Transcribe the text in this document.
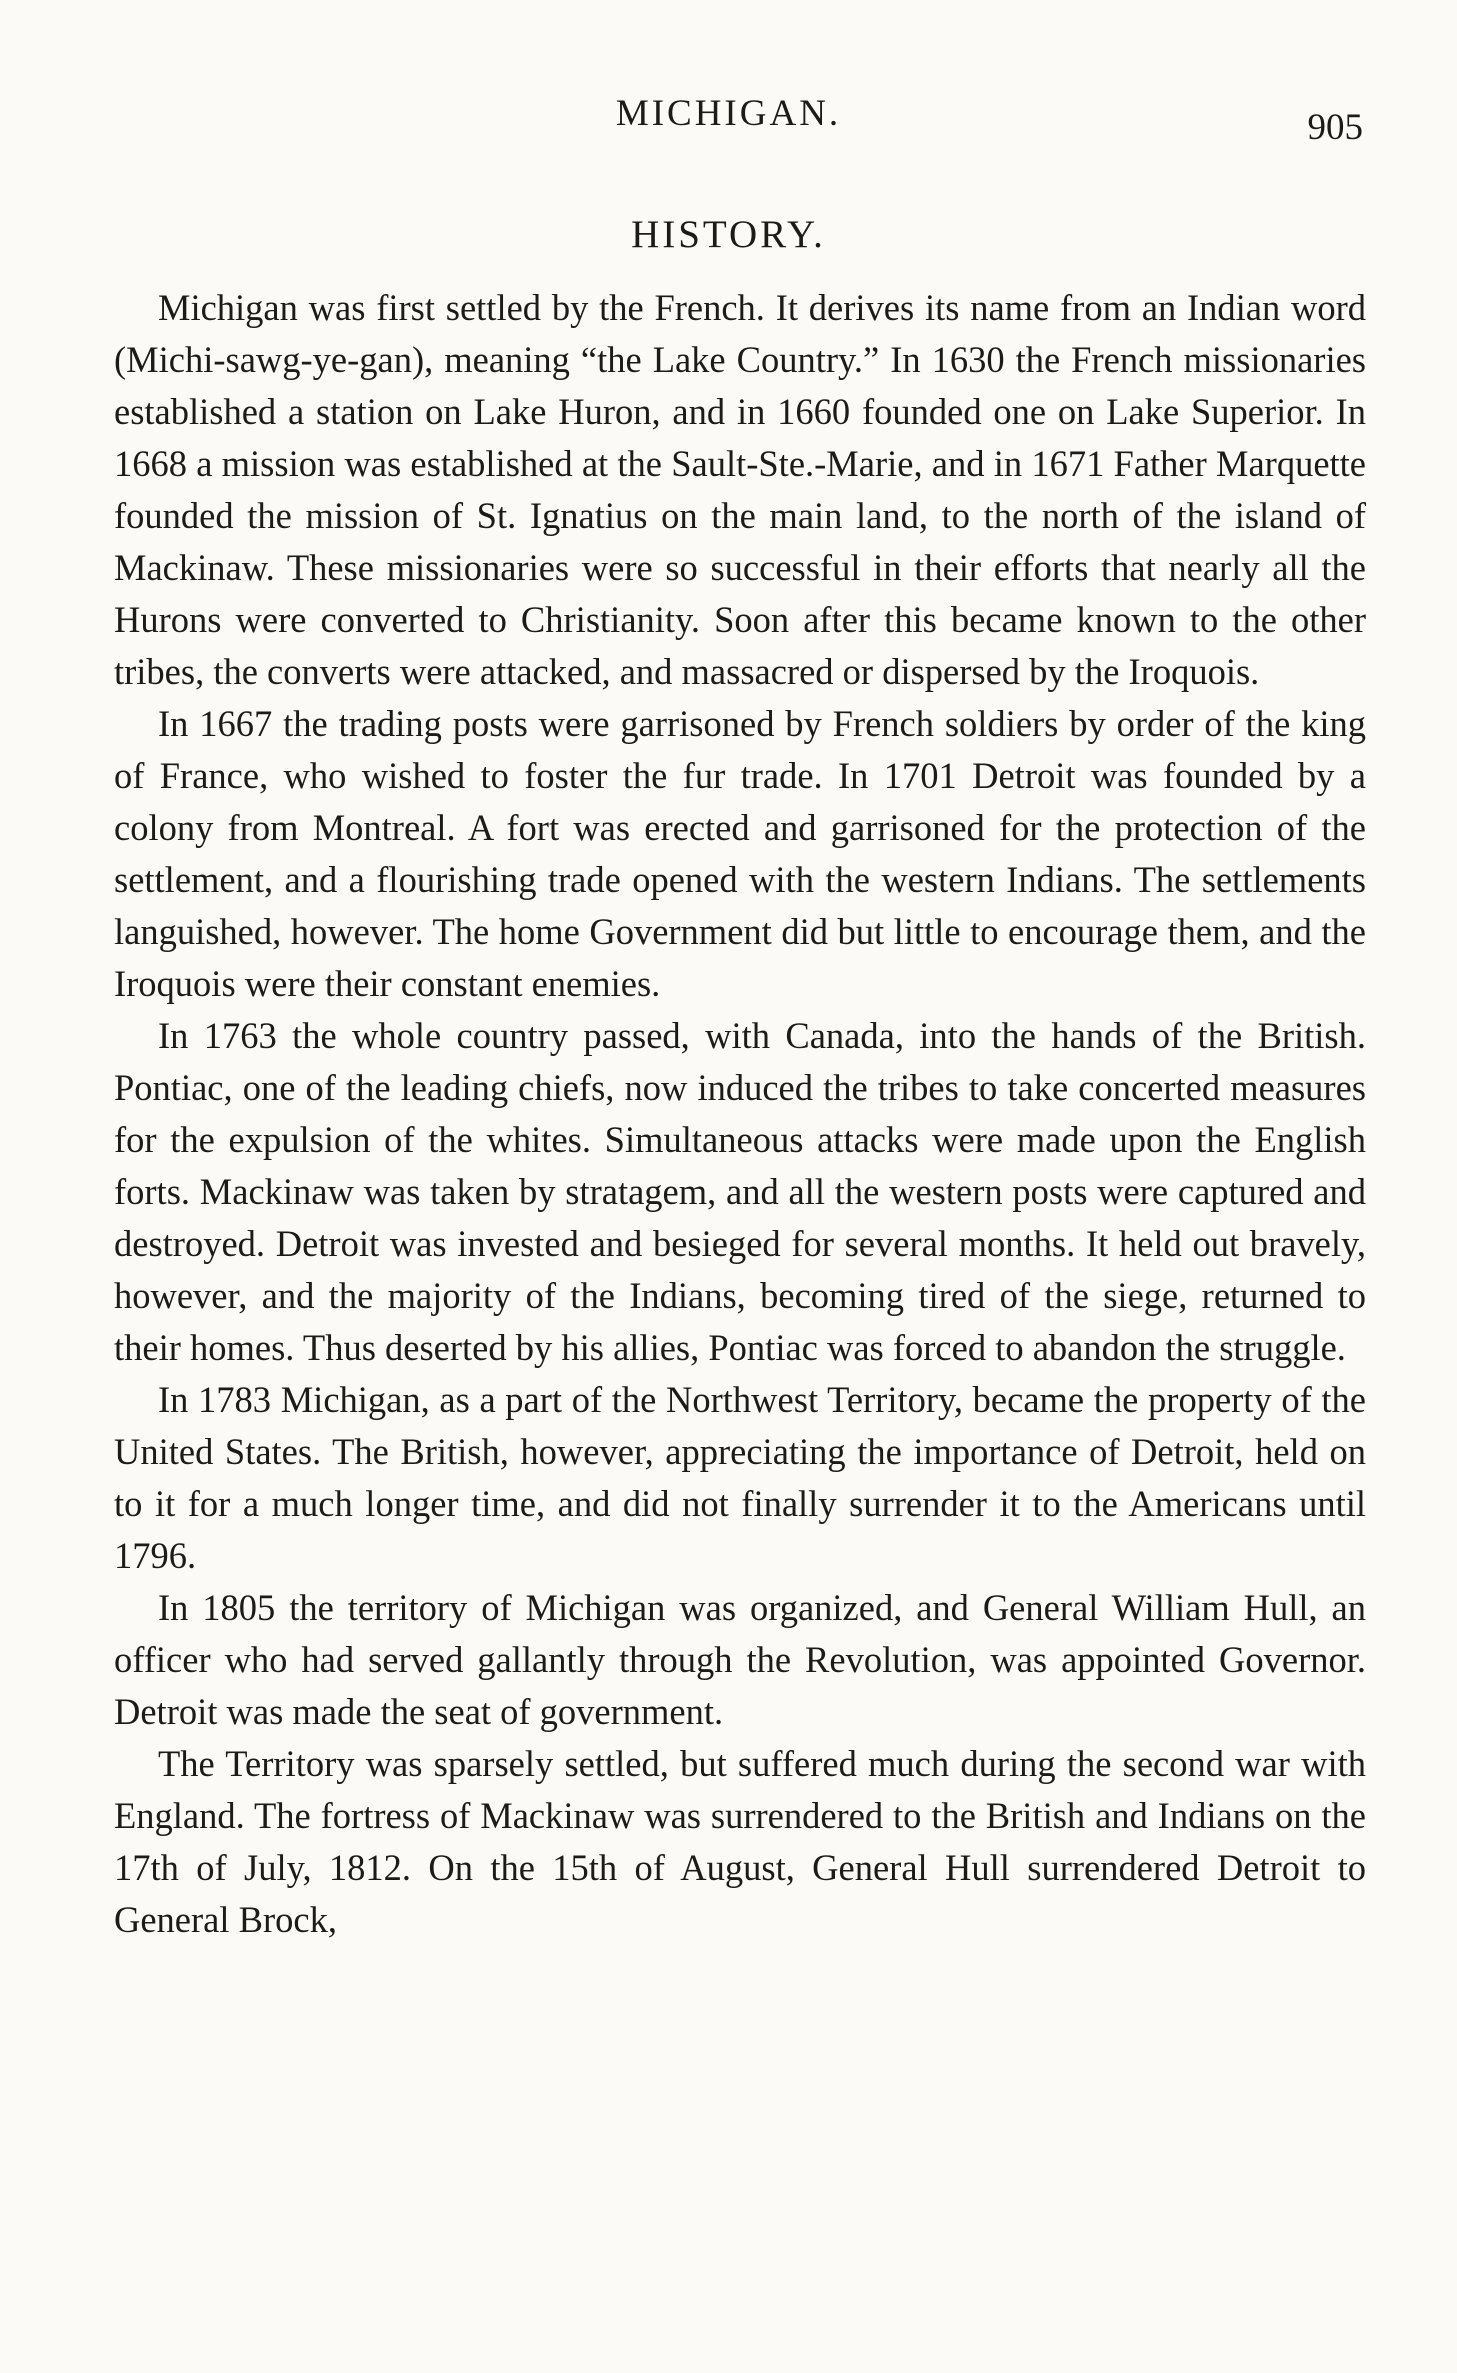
MICHIGAN.	905
HISTORY.

Michigan was first settled by the French. It derives its name from an Indian word (Michi-sawg-ye-gan), meaning “the Lake Country.” In 1630 the French missionaries established a station on Lake Huron, and in 1660 founded one on Lake Superior. In 1668 a mission was established at the Sault-Ste.-Marie, and in 1671 Father Marquette founded the mission of St. Ignatius on the main land, to the north of the island of Mackinaw. These missionaries were so successful in their efforts that nearly all the Hurons were converted to Christianity. Soon after this became known to the other tribes, the converts were attacked, and massacred or dispersed by the Iroquois.

In 1667 the trading posts were garrisoned by French soldiers by order of the king of France, who wished to foster the fur trade. In 1701 Detroit was founded by a colony from Montreal. A fort was erected and garrisoned for the protection of the settlement, and a flourishing trade opened with the western Indians. The settlements languished, however. The home Government did but little to encourage them, and the Iroquois were their constant enemies.

In 1763 the whole country passed, with Canada, into the hands of the British. Pontiac, one of the leading chiefs, now induced the tribes to take concerted measures for the expulsion of the whites. Simultaneous attacks were made upon the English forts. Mackinaw was taken by stratagem, and all the western posts were captured and destroyed. Detroit was invested and besieged for several months. It held out bravely, however, and the majority of the Indians, becoming tired of the siege, returned to their homes. Thus deserted by his allies, Pontiac was forced to abandon the struggle.

In 1783 Michigan, as a part of the Northwest Territory, became the property of the United States. The British, however, appreciating the importance of Detroit, held on to it for a much longer time, and did not finally surrender it to the Americans until 1796.

In 1805 the territory of Michigan was organized, and General William Hull, an officer who had served gallantly through the Revolution, was appointed Governor. Detroit was made the seat of government.

The Territory was sparsely settled, but suffered much during the second war with England. The fortress of Mackinaw was surrendered to the British and Indians on the 17th of July, 1812. On the 15th of August, General Hull surrendered Detroit to General Brock,
